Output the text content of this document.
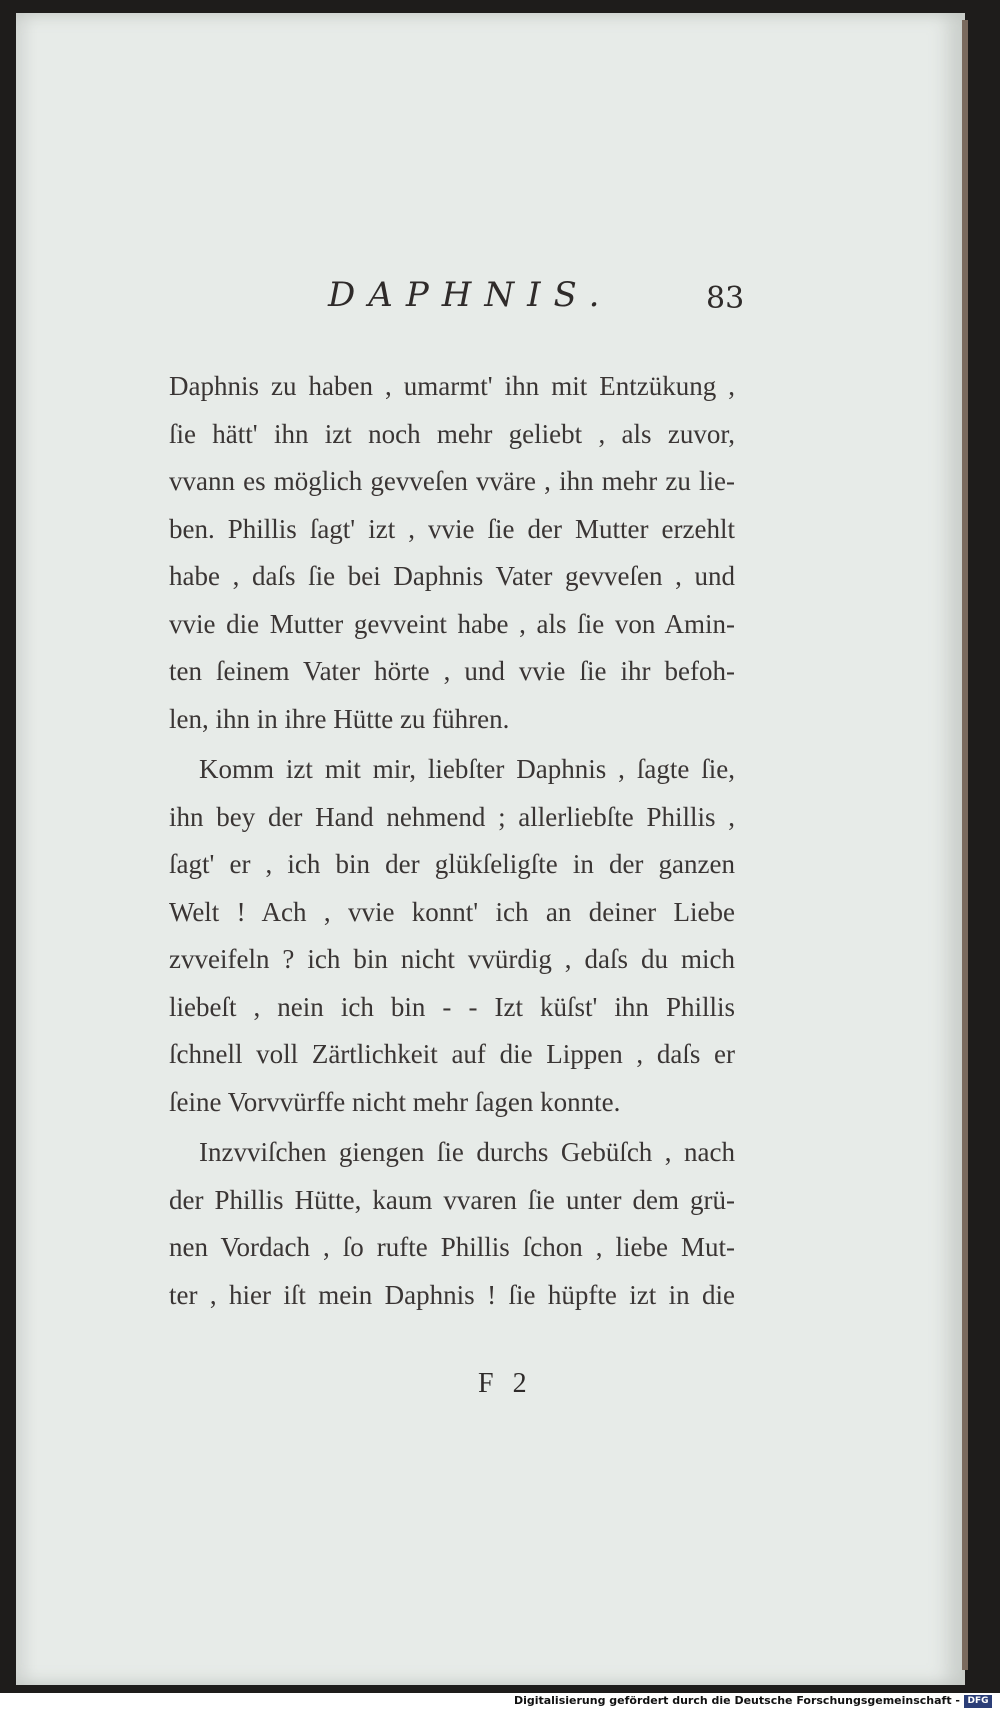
DAPHNIS.	83
Daphnis zu haben , umarmt' ihn mit Entzükung ,
ſie hätt' ihn izt noch mehr geliebt , als zuvor,
vvann es möglich gevveſen vväre , ihn mehr zu lie-
ben. Phillis ſagt' izt , vvie ſie der Mutter erzehlt
habe , daſs ſie bei Daphnis Vater gevveſen , und
vvie die Mutter gevveint habe , als ſie von Amin-
ten ſeinem Vater hörte , und vvie ſie ihr befoh-
len, ihn in ihre Hütte zu führen.
Komm izt mit mir, liebſter Daphnis , ſagte ſie,
ihn bey der Hand nehmend ; allerliebſte Phillis ,
ſagt' er , ich bin der glükſeligſte in der ganzen
Welt ! Ach , vvie konnt' ich an deiner Liebe
zvveifeln ? ich bin nicht vvürdig , daſs du mich
liebeſt , nein ich bin - - Izt küſst' ihn Phillis
ſchnell voll Zärtlichkeit auf die Lippen , daſs er
ſeine Vorvvürffe nicht mehr ſagen konnte.
Inzvviſchen giengen ſie durchs Gebüſch , nach
der Phillis Hütte, kaum vvaren ſie unter dem grü-
nen Vordach , ſo rufte Phillis ſchon , liebe Mut-
ter , hier iſt mein Daphnis ! ſie hüpfte izt in die
F 2
Digitalisierung gefördert durch die Deutsche Forschungsgemeinschaft - DFG
